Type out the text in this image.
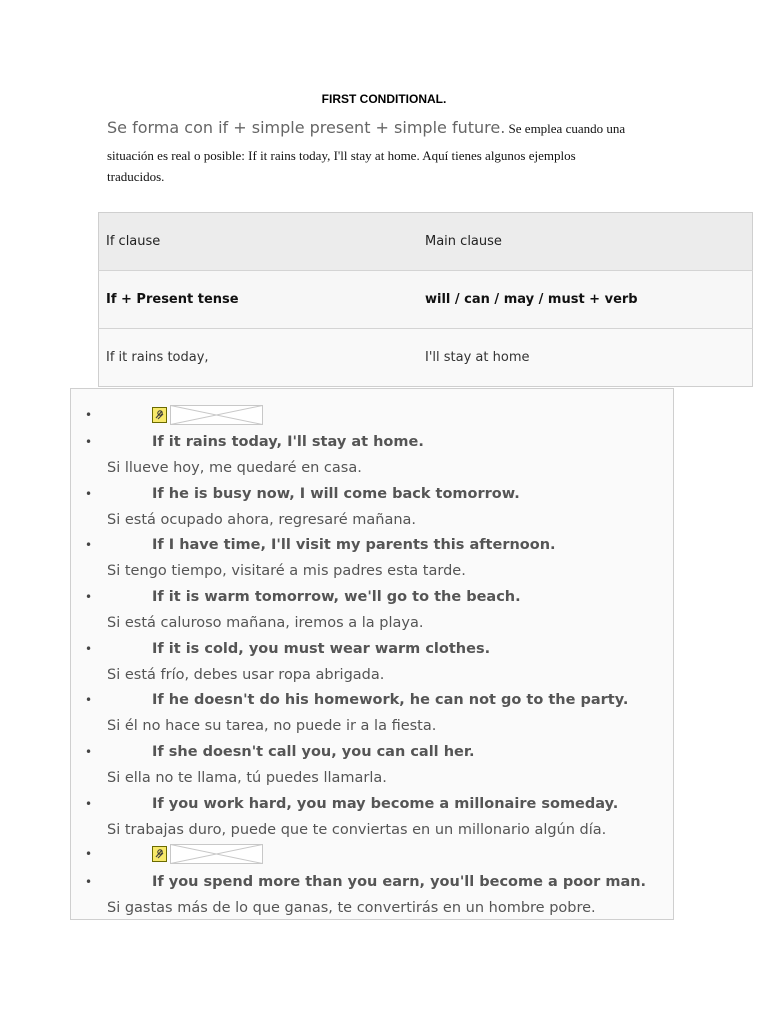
FIRST CONDITIONAL.
Se forma con if + simple present + simple future. Se emplea cuando una
situación es real o posible: If it rains today, I'll stay at home. Aquí tienes algunos ejemplos

traducidos.
If clause	Main clause
If + Present tense	will / can / may / must + verb
If it rains today,	I'll stay at home
•
•	If it rains today, I'll stay at home.
Si llueve hoy, me quedaré en casa.
•	If he is busy now, I will come back tomorrow.
Si está ocupado ahora, regresaré mañana.
•	If I have time, I'll visit my parents this afternoon.
Si tengo tiempo, visitaré a mis padres esta tarde.
•	If it is warm tomorrow, we'll go to the beach.
Si está caluroso mañana, iremos a la playa.
•	If it is cold, you must wear warm clothes.
Si está frío, debes usar ropa abrigada.
•	If he doesn't do his homework, he can not go to the party.
Si él no hace su tarea, no puede ir a la fiesta.
•	If she doesn't call you, you can call her.
Si ella no te llama, tú puedes llamarla.
•	If you work hard, you may become a millonaire someday.
Si trabajas duro, puede que te conviertas en un millonario algún día.
•
•	If you spend more than you earn, you'll become a poor man.
Si gastas más de lo que ganas, te convertirás en un hombre pobre.
